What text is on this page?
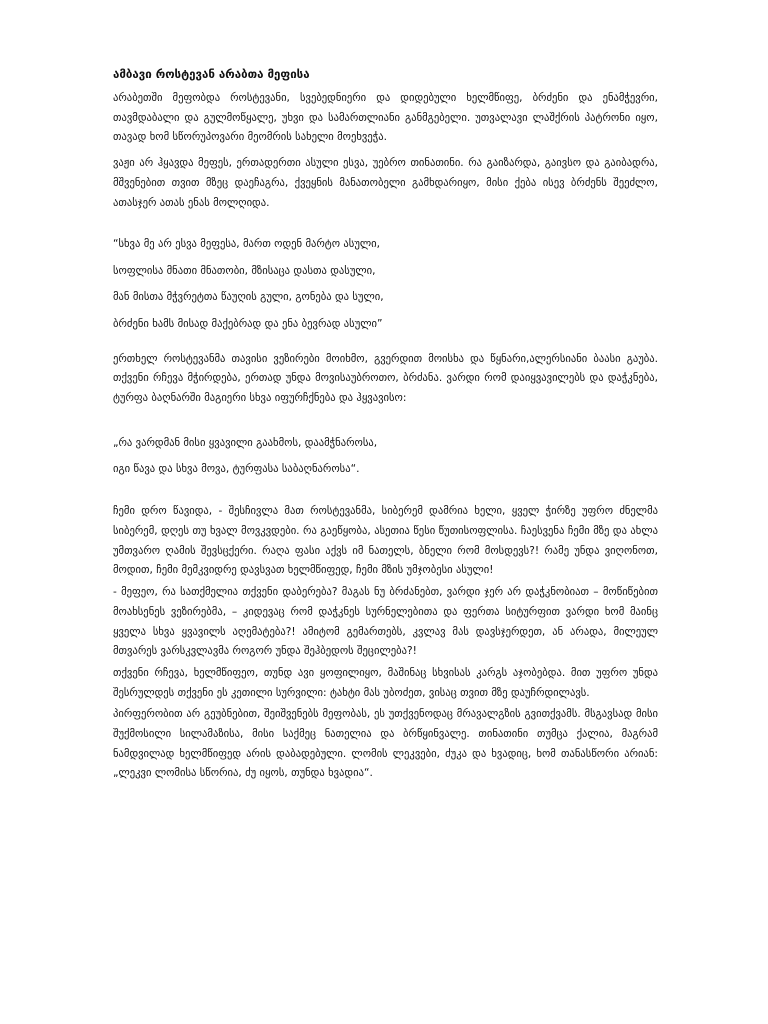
ამბავი როსტევან არაბთა მეფისა

არაბეთში მეფობდა როსტევანი, სვებედნიერი და დიდებული ხელმწიფე, ბრძენი და ენამჭევრი, თავმდაბალი და გულმოწყალე, უხვი და სამართლიანი განმგებელი. უთვალავი ლაშქრის პატრონი იყო, თავად ხომ სწორუპოვარი მეომრის სახელი მოეხვეჭა.

ვაჟი არ ჰყავდა მეფეს, ერთადერთი ასული ესვა, უებრო თინათინი. რა გაიზარდა, გაივსო და გაიბადრა, მშვენებით თვით მზეც დაეჩაგრა, ქვეყნის მანათობელი გამხდარიყო, მისი ქება ისევ ბრძენს შეეძლო, ათასჯერ ათას ენას მოლღიდა.

“სხვა მე არ ესვა მეფესა, მართ ოდენ მარტო ასული,

სოფლისა მნათი მნათობი, მზისაცა დასთა დასული,

მან მისთა მჭვრეტთა წაუღის გული, გონება და სული,

ბრძენი ხამს მისად მაქებრად და ენა ბევრად ასული”

ერთხელ როსტევანმა თავისი ვეზირები მოიხმო, გვერდით მოისხა და წყნარი,ალერსიანი ბაასი გაუბა. თქვენი რჩევა მჭირდება, ერთად უნდა მოვისაუბროთო, ბრძანა. ვარდი რომ დაიყვავილებს და დაჭკნება, ტურფა ბაღნარში მაგიერი სხვა იფურჩქნება და ჰყვავისო:

„რა ვარდმან მისი ყვავილი გაახმოს, დაამჭნაროსა,

იგი წავა და სხვა მოვა, ტურფასა საბაღნაროსა“.

ჩემი დრო წავიდა, - შესჩივლა მათ როსტევანმა, სიბერემ დამრია ხელი, ყველ ჭირზე უფრო ძნელმა სიბერემ, დღეს თუ ხვალ მოვკვდები. რა გაეწყობა, ასეთია წესი წუთისოფლისა. ჩაესვენა ჩემი მზე და ახლა უმთვარო ღამის შევსცქერი. რაღა ფასი აქვს იმ ნათელს, ბნელი რომ მოსდევს?! რამე უნდა ვიღონოთ, მოდით, ჩემი მემკვიდრე დავსვათ ხელმწიფედ, ჩემი მზის უმჯობესი ასული!

- მეფეო, რა სათქმელია თქვენი დაბერება? მაგას ნუ ბრძანებთ, ვარდი ჯერ არ დაჭკნობიათ – მოწიწებით მოახსენეს ვეზირებმა, – კიდევაც რომ დაჭკნეს სურნელებითა და ფერთა სიტურფით ვარდი ხომ მაინც ყველა სხვა ყვავილს აღემატება?! ამიტომ გემართებს, კვლავ მას დავსჯერდეთ, ან არადა, მილეულ მთვარეს ვარსკვლავმა როგორ უნდა შეჰბედოს შეცილება?!

თქვენი რჩევა, ხელმწიფეო, თუნდ ავი ყოფილიყო, მაშინაც სხვისას კარგს აჯობებდა. მით უფრო უნდა შესრულდეს თქვენი ეს კეთილი სურვილი: ტახტი მას უბოძეთ, ვისაც თვით მზე დაუჩრდილავს.

პირფერობით არ გეუბნებით, შეიშვენებს მეფობას, ეს უთქვენოდაც მრავალგზის გვითქვამს. მსგავსად მისი შუქმოსილი სილამაზისა, მისი საქმეც ნათელია და ბრწყინვალე. თინათინი თუმცა ქალია, მაგრამ ნამდვილად ხელმწიფედ არის დაბადებული. ლომის ლეკვები, ძუკა და ხვადიც, ხომ თანასწორი არიან: „ლეკვი ლომისა სწორია, ძუ იყოს, თუნდა ხვადია“.
